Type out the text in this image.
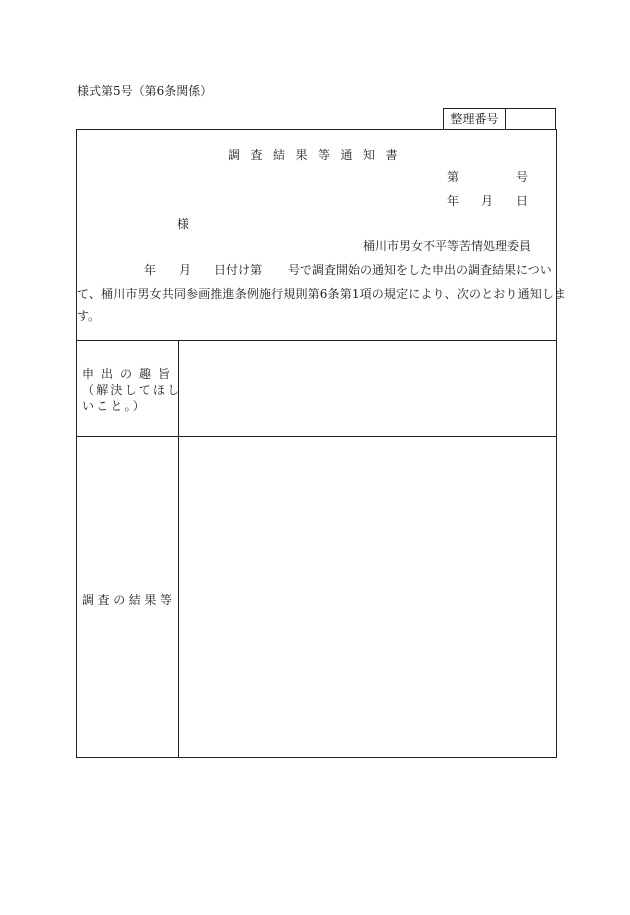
様式第5号（第6条関係）
整理番号
調査結果等通知書
第	号
年 月 日
様
桶川市男女不平等苦情処理委員
年 月 日付け第 号で調査開始の通知をした申出の調査結果につい
て、桶川市男女共同参画推進条例施行規則第6条第1項の規定により、次のとおり通知しま
す。
申出の趣旨
（解決してほし
いこと。）
調査の結果等
